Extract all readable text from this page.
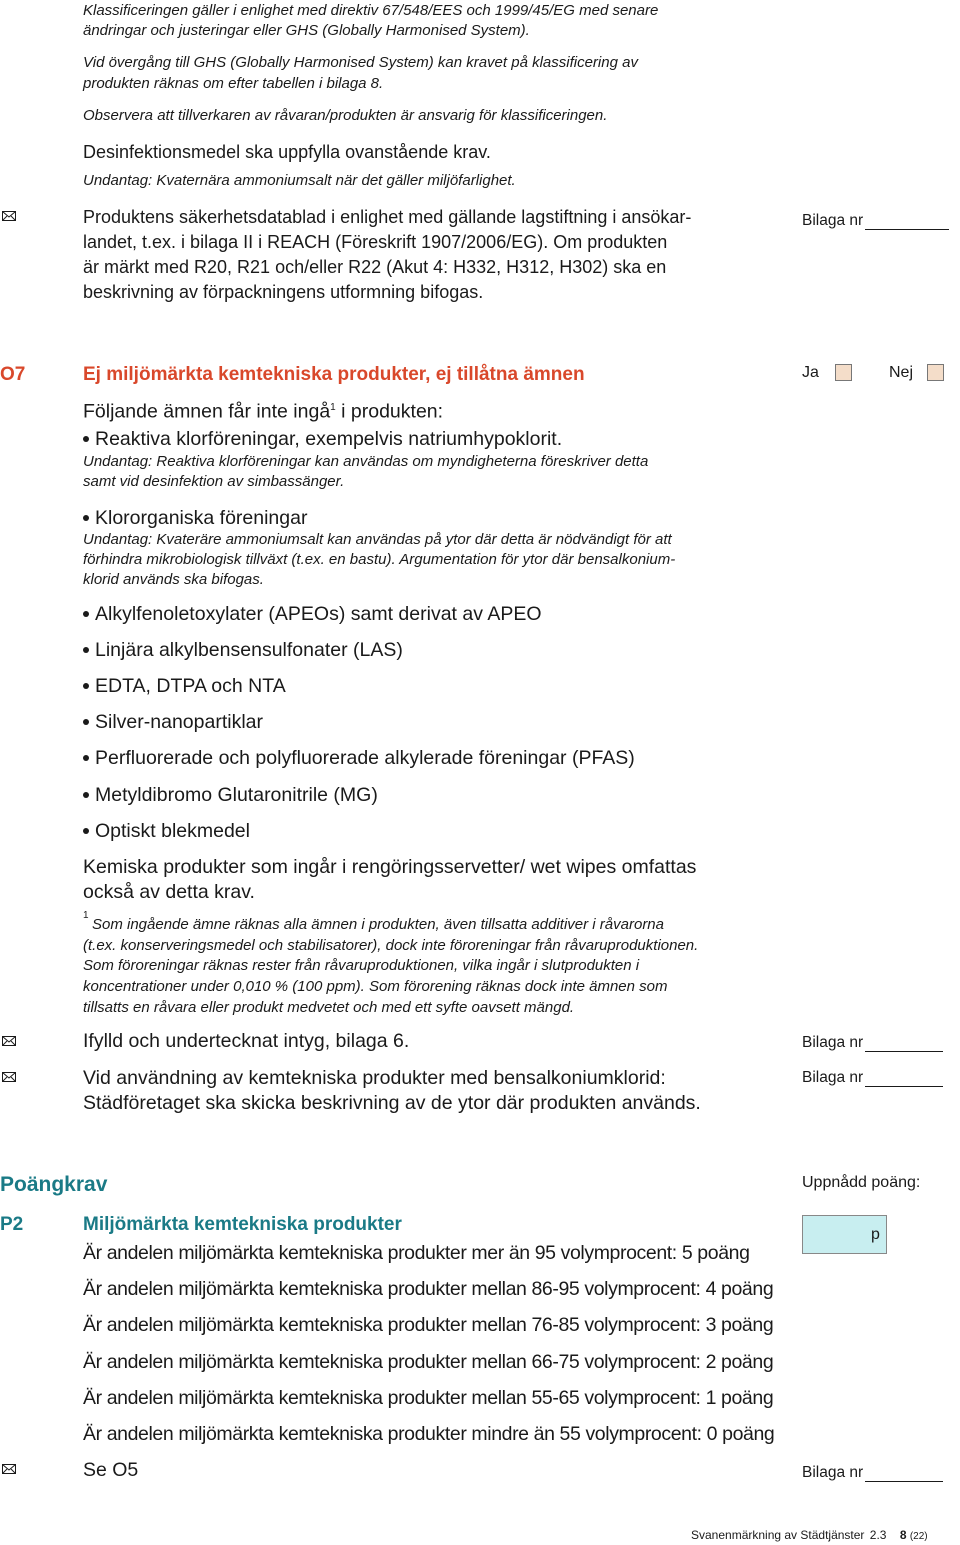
Klassificeringen gäller i enlighet med direktiv 67/548/EES och 1999/45/EG med senare
ändringar och justeringar eller GHS (Globally Harmonised System).
Vid övergång till GHS (Globally Harmonised System) kan kravet på klassificering av
produkten räknas om efter tabellen i bilaga 8.
Observera att tillverkaren av råvaran/produkten är ansvarig för klassificeringen.
Desinfektionsmedel ska uppfylla ovanstående krav.
Undantag: Kvaternära ammoniumsalt när det gäller miljöfarlighet.
Produktens säkerhetsdatablad i enlighet med gällande lagstiftning i ansökar-
landet, t.ex. i bilaga II i REACH (Föreskrift 1907/2006/EG). Om produkten
är märkt med R20, R21 och/eller R22 (Akut 4: H332, H312, H302) ska en
beskrivning av förpackningens utformning bifogas.
Bilaga nr
O7	Ej miljömärkta kemtekniska produkter, ej tillåtna ämnen	Ja	Nej
Följande ämnen får inte ingå$^1$ i produkten:
Reaktiva klorföreningar, exempelvis natriumhypoklorit.
Undantag: Reaktiva klorföreningar kan användas om myndigheterna föreskriver detta
samt vid desinfektion av simbassänger.
Klororganiska föreningar
Undantag: Kvateräre ammoniumsalt kan användas på ytor där detta är nödvändigt för att
förhindra mikrobiologisk tillväxt (t.ex. en bastu). Argumentation för ytor där bensalkonium-
klorid används ska bifogas.
Alkylfenoletoxylater (APEOs) samt derivat av APEO
Linjära alkylbensensulfonater (LAS)
EDTA, DTPA och NTA
Silver-nanopartiklar
Perfluorerade och polyfluorerade alkylerade föreningar (PFAS)
Metyldibromo Glutaronitrile (MG)
Optiskt blekmedel
Kemiska produkter som ingår i rengöringsservetter/ wet wipes omfattas
också av detta krav.
1
Som ingående ämne räknas alla ämnen i produkten, även tillsatta additiver i råvarorna
(t.ex. konserveringsmedel och stabilisatorer), dock inte föroreningar från råvaruproduktionen.
Som föroreningar räknas rester från råvaruproduktionen, vilka ingår i slutprodukten i
koncentrationer under 0,010 % (100 ppm). Som förorening räknas dock inte ämnen som
tillsatts en råvara eller produkt medvetet och med ett syfte oavsett mängd.
Ifylld och undertecknat intyg, bilaga 6.	Bilaga nr
Vid användning av kemtekniska produkter med bensalkoniumklorid:
Städföretaget ska skicka beskrivning av de ytor där produkten används.
Bilaga nr
Poängkrav	Uppnådd poäng:
P2	Miljömärkta kemtekniska produkter	p
Är andelen miljömärkta kemtekniska produkter mer än 95 volymprocent: 5 poäng
Är andelen miljömärkta kemtekniska produkter mellan 86-95 volymprocent: 4 poäng
Är andelen miljömärkta kemtekniska produkter mellan 76-85 volymprocent: 3 poäng
Är andelen miljömärkta kemtekniska produkter mellan 66-75 volymprocent: 2 poäng
Är andelen miljömärkta kemtekniska produkter mellan 55-65 volymprocent: 1 poäng
Är andelen miljömärkta kemtekniska produkter mindre än 55 volymprocent: 0 poäng
Se O5	Bilaga nr
Svanenmärkning av Städtjänster 2.3 8 (22)
